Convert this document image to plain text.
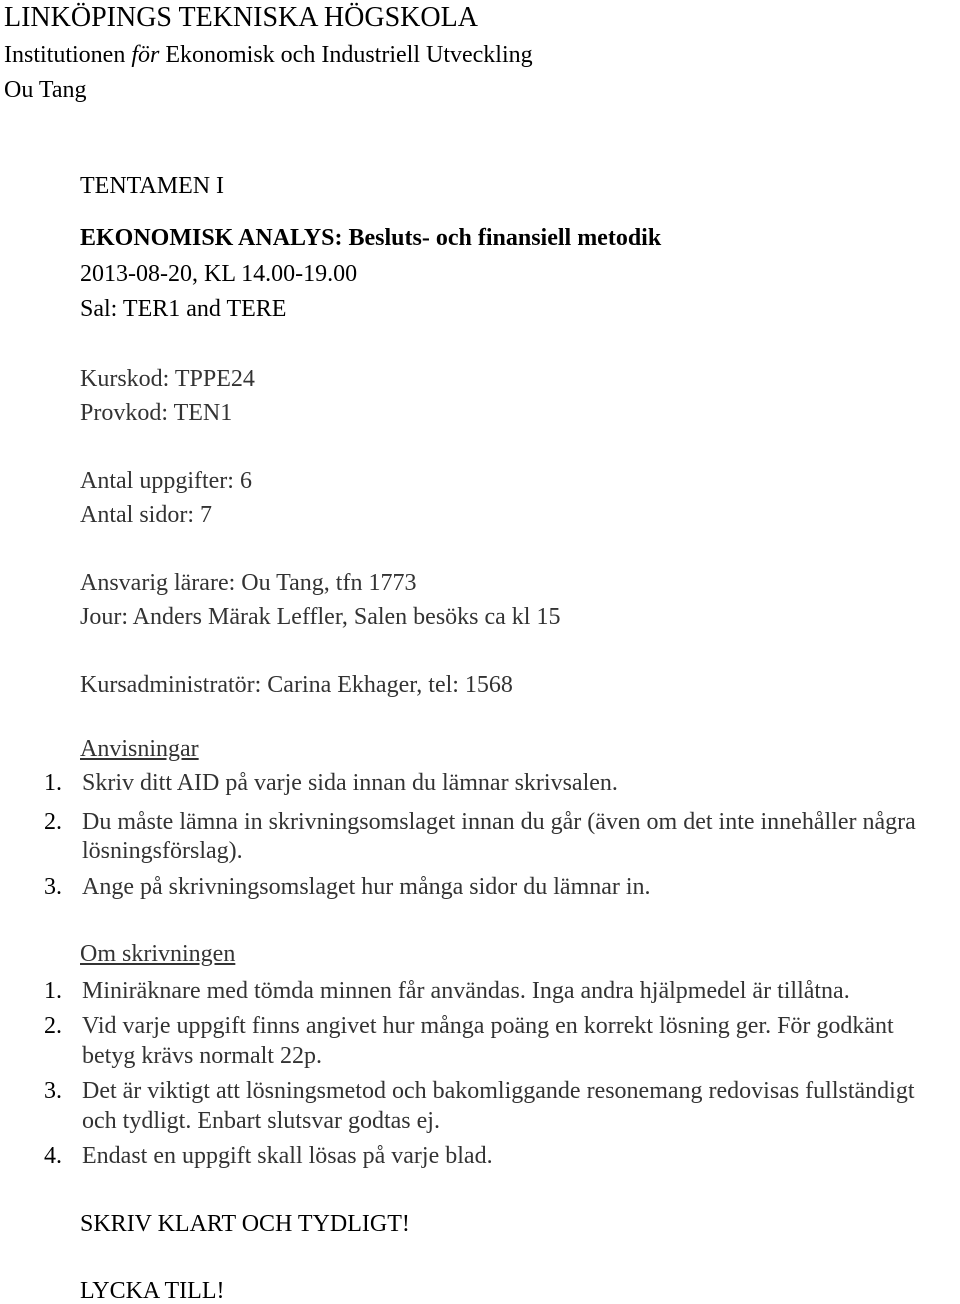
LINKÖPINGS TEKNISKA HÖGSKOLA
Institutionen för Ekonomisk och Industriell Utveckling
Ou Tang
TENTAMEN I
EKONOMISK ANALYS: Besluts- och finansiell metodik
2013-08-20, KL 14.00-19.00
Sal: TER1 and TERE
Kurskod: TPPE24
Provkod: TEN1
Antal uppgifter: 6
Antal sidor: 7
Ansvarig lärare: Ou Tang, tfn 1773
Jour: Anders Märak Leffler, Salen besöks ca kl 15
Kursadministratör: Carina Ekhager, tel: 1568
Anvisningar
1. Skriv ditt AID på varje sida innan du lämnar skrivsalen.
2. Du måste lämna in skrivningsomslaget innan du går (även om det inte innehåller några
lösningsförslag).
3. Ange på skrivningsomslaget hur många sidor du lämnar in.
Om skrivningen
1. Miniräknare med tömda minnen får användas. Inga andra hjälpmedel är tillåtna.
2. Vid varje uppgift finns angivet hur många poäng en korrekt lösning ger. För godkänt
betyg krävs normalt 22p.
3. Det är viktigt att lösningsmetod och bakomliggande resonemang redovisas fullständigt
och tydligt. Enbart slutsvar godtas ej.
4. Endast en uppgift skall lösas på varje blad.
SKRIV KLART OCH TYDLIGT!
LYCKA TILL!
